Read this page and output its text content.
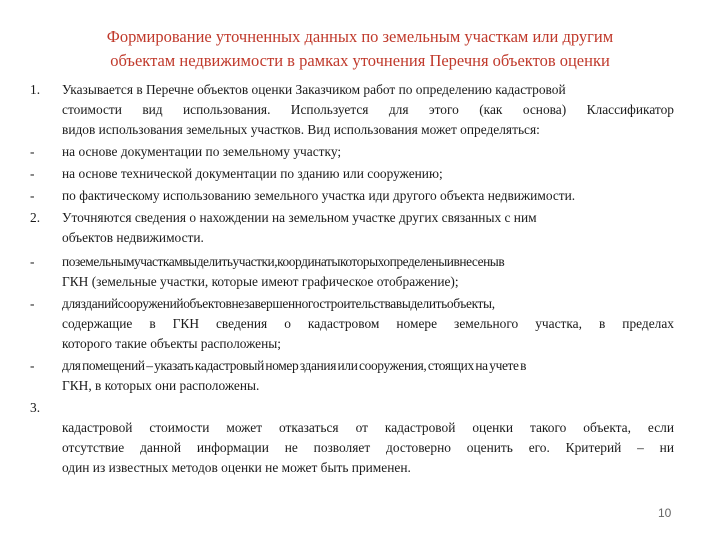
Формирование уточненных данных по земельным участкам или другим
объектам недвижимости в рамках уточнения Перечня объектов оценки
1. Указывается в Перечне объектов оценки Заказчиком работ по определению кадастровой
стоимости вид использования. Используется для этого (как основа) Классификатор
видов использования земельных участков. Вид использования может определяться:
- на основе документации по земельному участку;
- на основе технической документации по зданию или сооружению;
- по фактическому использованию земельного участка иди другого объекта недвижимости.
2. Уточняются сведения о нахождении на земельном участке других связанных с ним
объектов недвижимости.
- поземельнымучасткамвыделитьучастки,координатыкоторыхопределеныивнесеныв
ГКН (земельные участки, которые имеют графическое отображение);
- длязданийсооруженийобъектовнезавершенногостроительствавыделитьобъекты,
содержащие в ГКН сведения о кадастровом номере земельного участка, в пределах
которого такие объекты расположены;
- для помещений – указать кадастровый номер здания или сооружения, стоящих на учете в
ГКН, в которых они расположены.
3.
кадастровой стоимости может отказаться от кадастровой оценки такого объекта, если
отсутствие данной информации не позволяет достоверно оценить его. Критерий – ни
один из известных методов оценки не может быть применен.
10
